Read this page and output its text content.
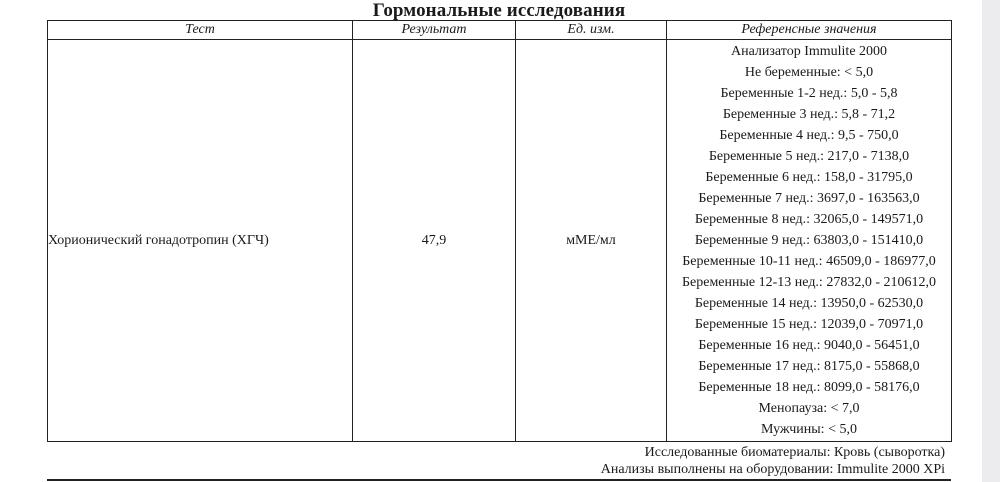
Гормональные исследования
Тест	Результат	Ед. изм.	Референсные значения
Хорионический гонадотропин (ХГЧ)	47,9	мМЕ/мл	
Анализатор Immulite 2000
Не беременные: < 5,0
Беременные 1-2 нед.: 5,0 - 5,8
Беременные 3 нед.: 5,8 - 71,2
Беременные 4 нед.: 9,5 - 750,0
Беременные 5 нед.: 217,0 - 7138,0
Беременные 6 нед.: 158,0 - 31795,0
Беременные 7 нед.: 3697,0 - 163563,0
Беременные 8 нед.: 32065,0 - 149571,0
Беременные 9 нед.: 63803,0 - 151410,0
Беременные 10-11 нед.: 46509,0 - 186977,0
Беременные 12-13 нед.: 27832,0 - 210612,0
Беременные 14 нед.: 13950,0 - 62530,0
Беременные 15 нед.: 12039,0 - 70971,0
Беременные 16 нед.: 9040,0 - 56451,0
Беременные 17 нед.: 8175,0 - 55868,0
Беременные 18 нед.: 8099,0 - 58176,0
Менопауза: < 7,0
Мужчины: < 5,0
Исследованные биоматериалы: Кровь (сыворотка)
Анализы выполнены на оборудовании: Immulite 2000 XPi
